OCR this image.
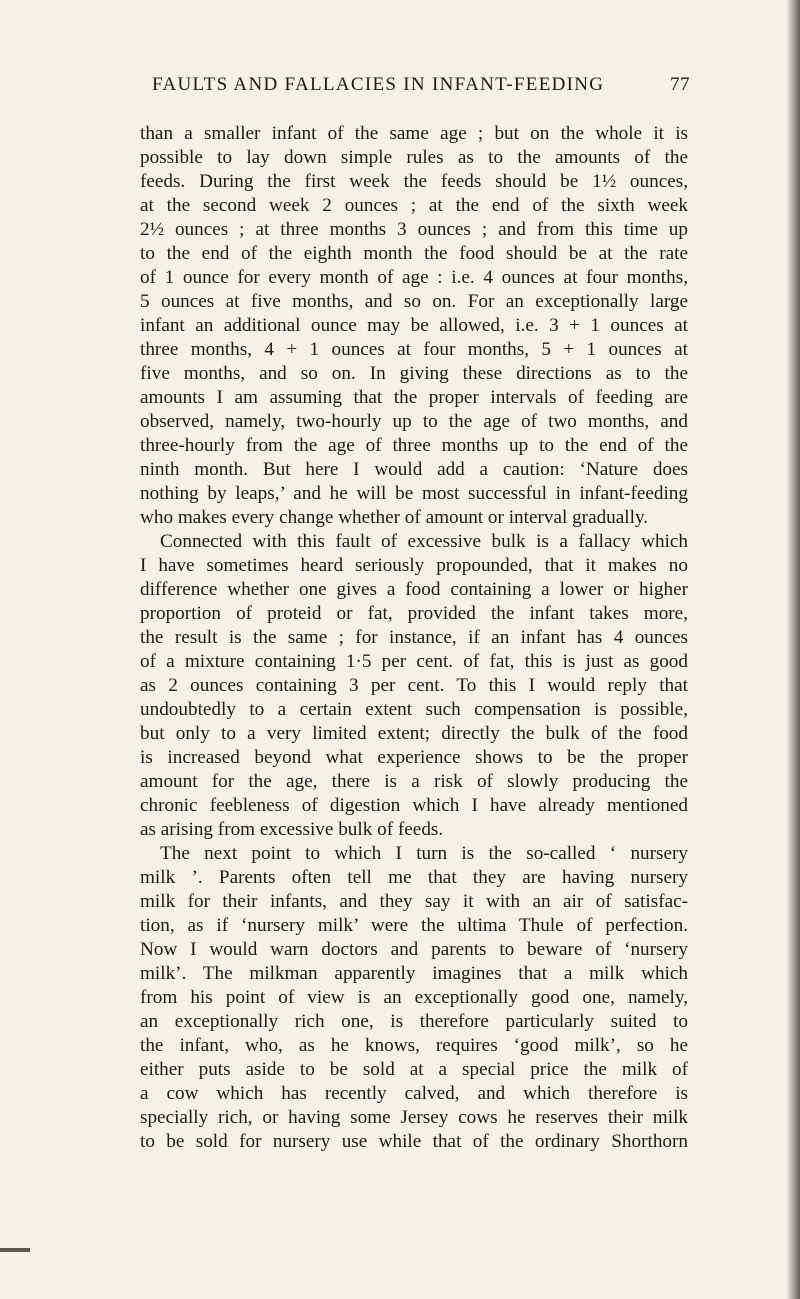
FAULTS AND FALLACIES IN INFANT-FEEDING	77

than a smaller infant of the same age ; but on the whole it is
possible to lay down simple rules as to the amounts of the
feeds. During the first week the feeds should be 1½ ounces,
at the second week 2 ounces ; at the end of the sixth week
2½ ounces ; at three months 3 ounces ; and from this time up
to the end of the eighth month the food should be at the rate
of 1 ounce for every month of age : i.e. 4 ounces at four months,
5 ounces at five months, and so on. For an exceptionally large
infant an additional ounce may be allowed, i.e. 3 + 1 ounces at
three months, 4 + 1 ounces at four months, 5 + 1 ounces at
five months, and so on. In giving these directions as to the
amounts I am assuming that the proper intervals of feeding are
observed, namely, two-hourly up to the age of two months, and
three-hourly from the age of three months up to the end of the
ninth month. But here I would add a caution: ‘Nature does
nothing by leaps,’ and he will be most successful in infant-feeding
who makes every change whether of amount or interval gradually.

Connected with this fault of excessive bulk is a fallacy which
I have sometimes heard seriously propounded, that it makes no
difference whether one gives a food containing a lower or higher
proportion of proteid or fat, provided the infant takes more,
the result is the same ; for instance, if an infant has 4 ounces
of a mixture containing 1·5 per cent. of fat, this is just as good
as 2 ounces containing 3 per cent. To this I would reply that
undoubtedly to a certain extent such compensation is possible,
but only to a very limited extent; directly the bulk of the food
is increased beyond what experience shows to be the proper
amount for the age, there is a risk of slowly producing the
chronic feebleness of digestion which I have already mentioned
as arising from excessive bulk of feeds.

The next point to which I turn is the so-called ‘ nursery
milk ’. Parents often tell me that they are having nursery
milk for their infants, and they say it with an air of satisfac-
tion, as if ‘nursery milk’ were the ultima Thule of perfection.
Now I would warn doctors and parents to beware of ‘nursery
milk’. The milkman apparently imagines that a milk which
from his point of view is an exceptionally good one, namely,
an exceptionally rich one, is therefore particularly suited to
the infant, who, as he knows, requires ‘good milk’, so he
either puts aside to be sold at a special price the milk of
a cow which has recently calved, and which therefore is
specially rich, or having some Jersey cows he reserves their milk
to be sold for nursery use while that of the ordinary Shorthorn
